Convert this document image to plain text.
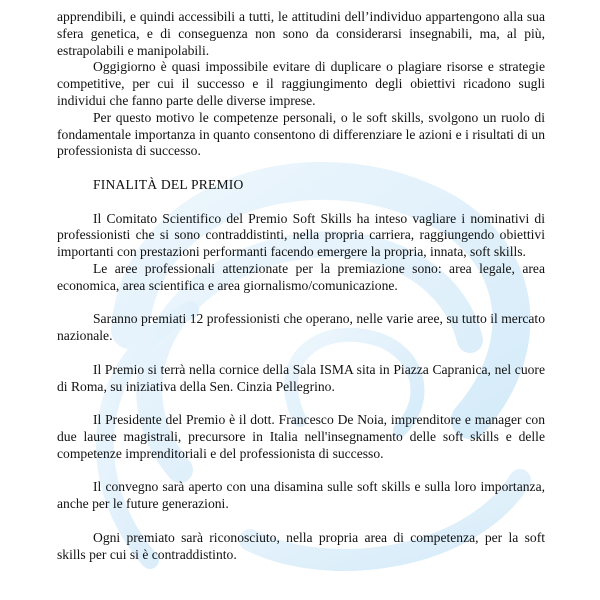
apprendibili, e quindi accessibili a tutti, le attitudini dell’individuo appartengono alla sua sfera genetica, e di conseguenza non sono da considerarsi insegnabili, ma, al più, estrapolabili e manipolabili.

Oggigiorno è quasi impossibile evitare di duplicare o plagiare risorse e strategie competitive, per cui il successo e il raggiungimento degli obiettivi ricadono sugli individui che fanno parte delle diverse imprese.

Per questo motivo le competenze personali, o le soft skills, svolgono un ruolo di fondamentale importanza in quanto consentono di differenziare le azioni e i risultati di un professionista di successo.

FINALITÀ DEL PREMIO

Il Comitato Scientifico del Premio Soft Skills ha inteso vagliare i nominativi di professionisti che si sono contraddistinti, nella propria carriera, raggiungendo obiettivi importanti con prestazioni performanti facendo emergere la propria, innata, soft skills.

Le aree professionali attenzionate per la premiazione sono: area legale, area economica, area scientifica e area giornalismo/comunicazione.

Saranno premiati 12 professionisti che operano, nelle varie aree, su tutto il mercato nazionale.

Il Premio si terrà nella cornice della Sala ISMA sita in Piazza Capranica, nel cuore di Roma, su iniziativa della Sen. Cinzia Pellegrino.

Il Presidente del Premio è il dott. Francesco De Noia, imprenditore e manager con due lauree magistrali, precursore in Italia nell'insegnamento delle soft skills e delle competenze imprenditoriali e del professionista di successo.

Il convegno sarà aperto con una disamina sulle soft skills e sulla loro importanza, anche per le future generazioni.

Ogni premiato sarà riconosciuto, nella propria area di competenza, per la soft skills per cui si è contraddistinto.
